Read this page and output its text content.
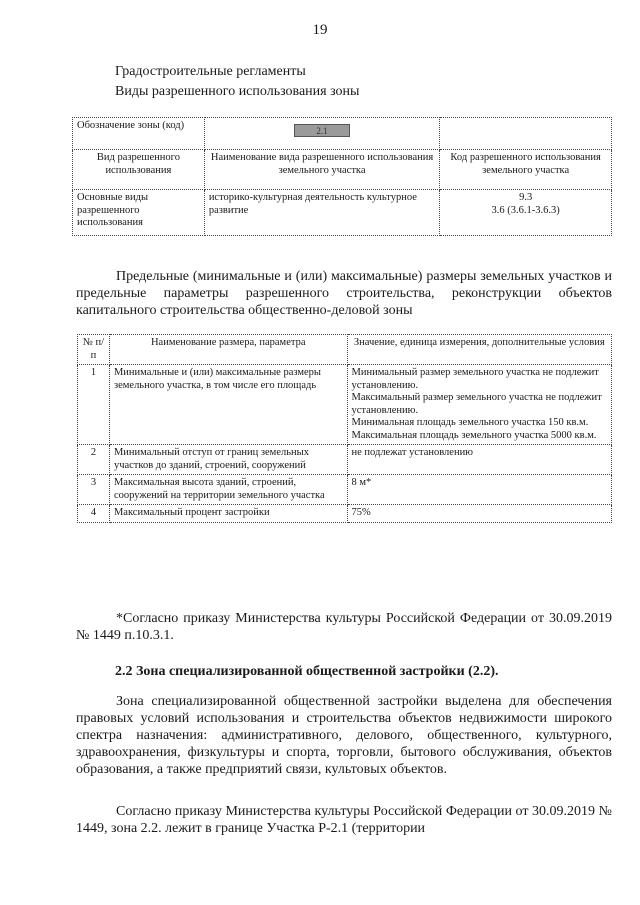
19
Градостроительные регламенты
Виды разрешенного использования зоны
Обозначение зоны (код)	2.1	
Вид разрешенного использования	Наименование вида разрешенного использования земельного участка	Код разрешенного использования земельного участка
Основные виды разрешенного использования	историко-культурная деятельность культурное развитие	9.3
3.6 (3.6.1-3.6.3)
Предельные (минимальные и (или) максимальные) размеры земельных участков и предельные параметры разрешенного строительства, реконструкции объектов капитального строительства общественно-деловой зоны
№ п/п	Наименование размера, параметра	Значение, единица измерения, дополнительные условия
1	Минимальные и (или) максимальные размеры земельного участка, в том числе его площадь	Минимальный размер земельного участка не подлежит установлению.
Максимальный размер земельного участка не подлежит установлению.
Минимальная площадь земельного участка 150 кв.м.
Максимальная площадь земельного участка 5000 кв.м.

2	Минимальный отступ от границ земельных участков до зданий, строений, сооружений	не подлежат установлению
3	Максимальная высота зданий, строений, сооружений на территории земельного участка	8 м*
4	Максимальный процент застройки	75%
*Согласно приказу Министерства культуры Российской Федерации от 30.09.2019 № 1449 п.10.3.1.
2.2 Зона специализированной общественной застройки (2.2).
Зона специализированной общественной застройки выделена для обеспечения правовых условий использования и строительства объектов недвижимости широкого спектра назначения: административного, делового, общественного, культурного, здравоохранения, физкультуры и спорта, торговли, бытового обслуживания, объектов образования, а также предприятий связи, культовых объектов.
Согласно приказу Министерства культуры Российской Федерации от 30.09.2019 № 1449, зона 2.2. лежит в границе Участка Р-2.1 (территории
